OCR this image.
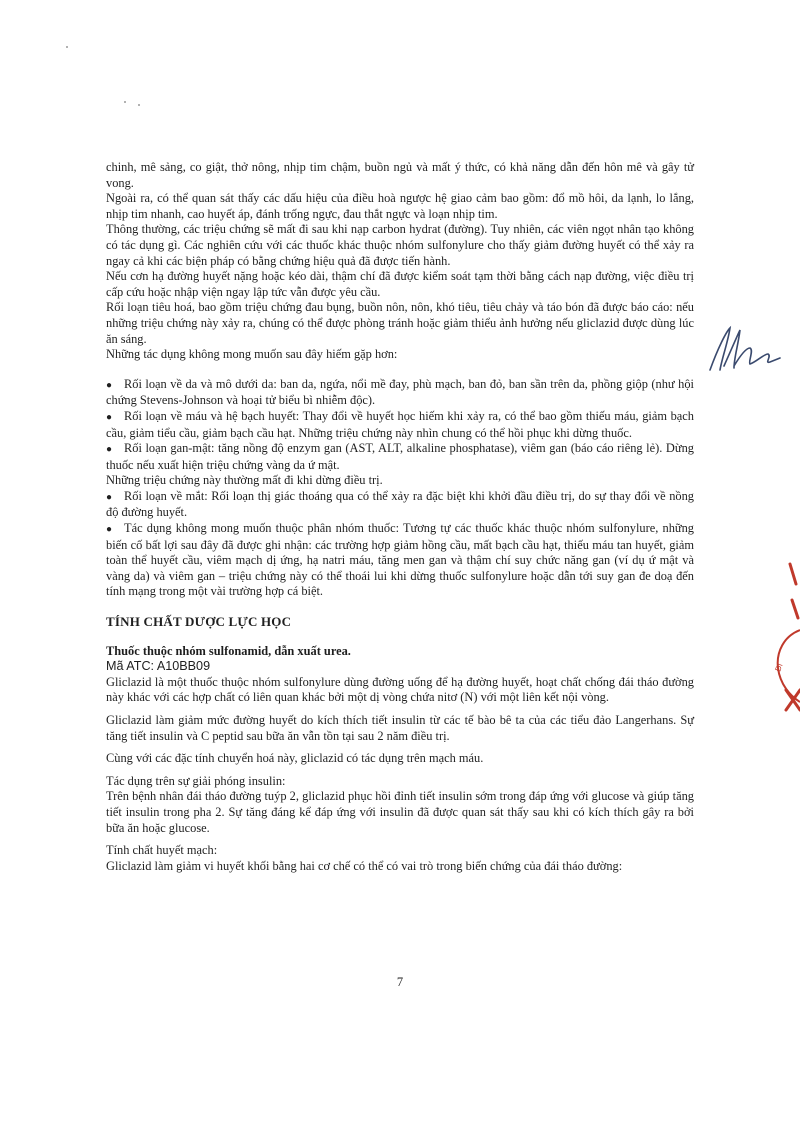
chinh, mê sảng, co giật, thở nông, nhịp tim chậm, buồn ngủ và mất ý thức, có khả năng dẫn đến hôn mê và gây tử vong.

Ngoài ra, có thể quan sát thấy các dấu hiệu của điều hoà ngược hệ giao cảm bao gồm: đổ mồ hôi, da lạnh, lo lắng, nhịp tim nhanh, cao huyết áp, đánh trống ngực, đau thắt ngực và loạn nhịp tim.

Thông thường, các triệu chứng sẽ mất đi sau khi nạp carbon hydrat (đường). Tuy nhiên, các viên ngọt nhân tạo không có tác dụng gì. Các nghiên cứu với các thuốc khác thuộc nhóm sulfonylure cho thấy giảm đường huyết có thể xảy ra ngay cả khi các biện pháp có bằng chứng hiệu quả đã được tiến hành.

Nếu cơn hạ đường huyết nặng hoặc kéo dài, thậm chí đã được kiểm soát tạm thời bằng cách nạp đường, việc điều trị cấp cứu hoặc nhập viện ngay lập tức vẫn được yêu cầu.

Rối loạn tiêu hoá, bao gồm triệu chứng đau bụng, buồn nôn, nôn, khó tiêu, tiêu chảy và táo bón đã được báo cáo: nếu những triệu chứng này xảy ra, chúng có thể được phòng tránh hoặc giảm thiểu ảnh hưởng nếu gliclazid được dùng lúc ăn sáng.

Những tác dụng không mong muốn sau đây hiếm gặp hơn:

● Rối loạn về da và mô dưới da: ban da, ngứa, nổi mề đay, phù mạch, ban đỏ, ban sần trên da, phồng giộp (như hội chứng Stevens-Johnson và hoại tử biểu bì nhiễm độc).

● Rối loạn về máu và hệ bạch huyết: Thay đổi về huyết học hiếm khi xảy ra, có thể bao gồm thiếu máu, giảm bạch cầu, giảm tiểu cầu, giảm bạch cầu hạt. Những triệu chứng này nhìn chung có thể hồi phục khi dừng thuốc.

● Rối loạn gan-mật: tăng nồng độ enzym gan (AST, ALT, alkaline phosphatase), viêm gan (báo cáo riêng lẻ). Dừng thuốc nếu xuất hiện triệu chứng vàng da ứ mật.

Những triệu chứng này thường mất đi khi dừng điều trị.

● Rối loạn về mắt: Rối loạn thị giác thoáng qua có thể xảy ra đặc biệt khi khởi đầu điều trị, do sự thay đổi về nồng độ đường huyết.

● Tác dụng không mong muốn thuộc phân nhóm thuốc: Tương tự các thuốc khác thuộc nhóm sulfonylure, những biến cố bất lợi sau đây đã được ghi nhận: các trường hợp giảm hồng cầu, mất bạch cầu hạt, thiếu máu tan huyết, giảm toàn thể huyết cầu, viêm mạch dị ứng, hạ natri máu, tăng men gan và thậm chí suy chức năng gan (ví dụ ứ mật và vàng da) và viêm gan – triệu chứng này có thể thoái lui khi dừng thuốc sulfonylure hoặc dẫn tới suy gan đe doạ đến tính mạng trong một vài trường hợp cá biệt.

TÍNH CHẤT DƯỢC LỰC HỌC

Thuốc thuộc nhóm sulfonamid, dẫn xuất urea.

Mã ATC: A10BB09

Gliclazid là một thuốc thuộc nhóm sulfonylure dùng đường uống để hạ đường huyết, hoạt chất chống đái tháo đường này khác với các hợp chất có liên quan khác bởi một dị vòng chứa nitơ (N) với một liên kết nội vòng.

Gliclazid làm giảm mức đường huyết do kích thích tiết insulin từ các tế bào bê ta của các tiểu đảo Langerhans. Sự tăng tiết insulin và C peptid sau bữa ăn vẫn tồn tại sau 2 năm điều trị.

Cùng với các đặc tính chuyển hoá này, gliclazid có tác dụng trên mạch máu.

Tác dụng trên sự giải phóng insulin:

Trên bệnh nhân đái tháo đường tuýp 2, gliclazid phục hồi đỉnh tiết insulin sớm trong đáp ứng với glucose và giúp tăng tiết insulin trong pha 2. Sự tăng đáng kể đáp ứng với insulin đã được quan sát thấy sau khi có kích thích gây ra bởi bữa ăn hoặc glucose.

Tính chất huyết mạch:

Gliclazid làm giảm vi huyết khối bằng hai cơ chế có thể có vai trò trong biến chứng của đái tháo đường:

ĐI
7
